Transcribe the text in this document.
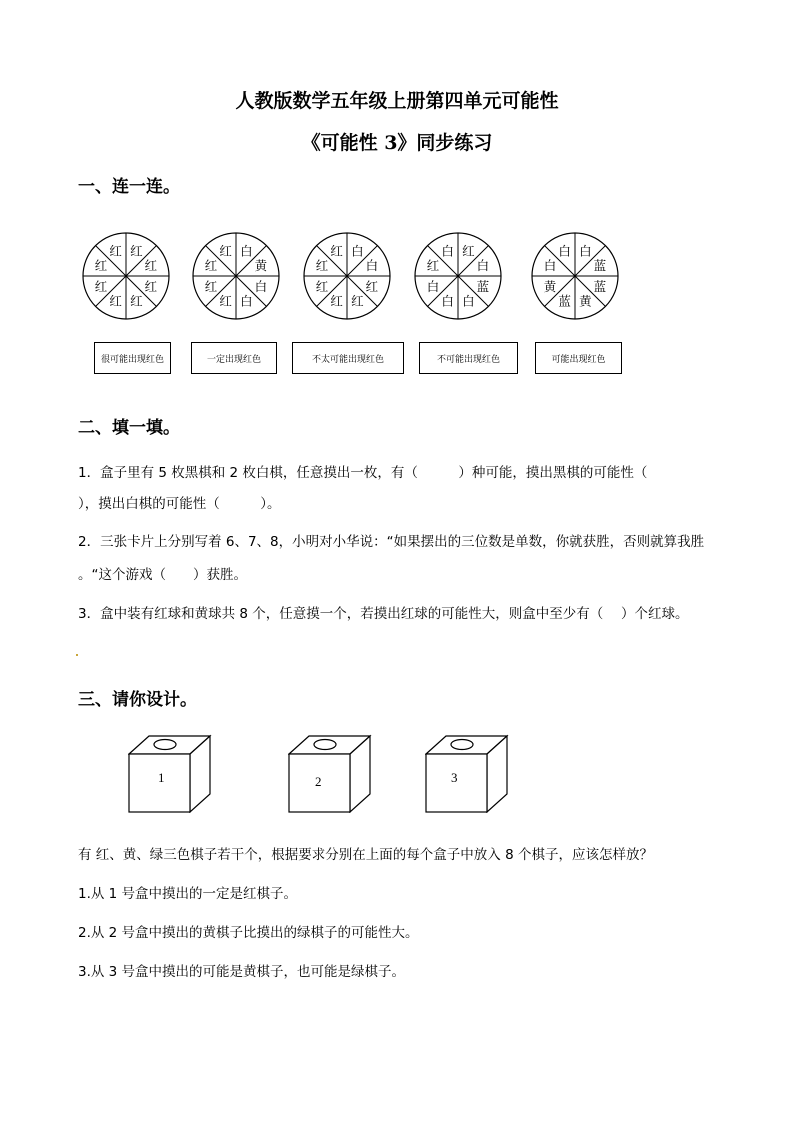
人教版数学五年级上册第四单元可能性
《可能性 3》同步练习
一、连一连。
红
红
红
红
红
红
红
红	白
黄
白
白
红
红
红
红	白
白
红
红
红
红
红
红	红
白
蓝
白
白
白
红
白	白
蓝
蓝
黄
蓝
黄
白
白
很可能出现红色	一定出现红色	不太可能出现红色	不可能出现红色	可能出现红色
二、填一填。
1．盒子里有 5 枚黑棋和 2 枚白棋，任意摸出一枚，有（　　　）种可能，摸出黑棋的可能性（
），摸出白棋的可能性（　　　）。
2．三张卡片上分别写着 6、7、8，小明对小华说：“如果摆出的三位数是单数，你就获胜，否则就算我胜
。“这个游戏（　　）获胜。
3．盒中装有红球和黄球共 8 个，任意摸一个，若摸出红球的可能性大，则盒中至少有（　 ）个红球。
三、请你设计。
1	2	3
有 红、黄、绿三色棋子若干个，根据要求分别在上面的每个盒子中放入 8 个棋子，应该怎样放？
1.从 1 号盒中摸出的一定是红棋子。
2.从 2 号盒中摸出的黄棋子比摸出的绿棋子的可能性大。
3.从 3 号盒中摸出的可能是黄棋子，也可能是绿棋子。
